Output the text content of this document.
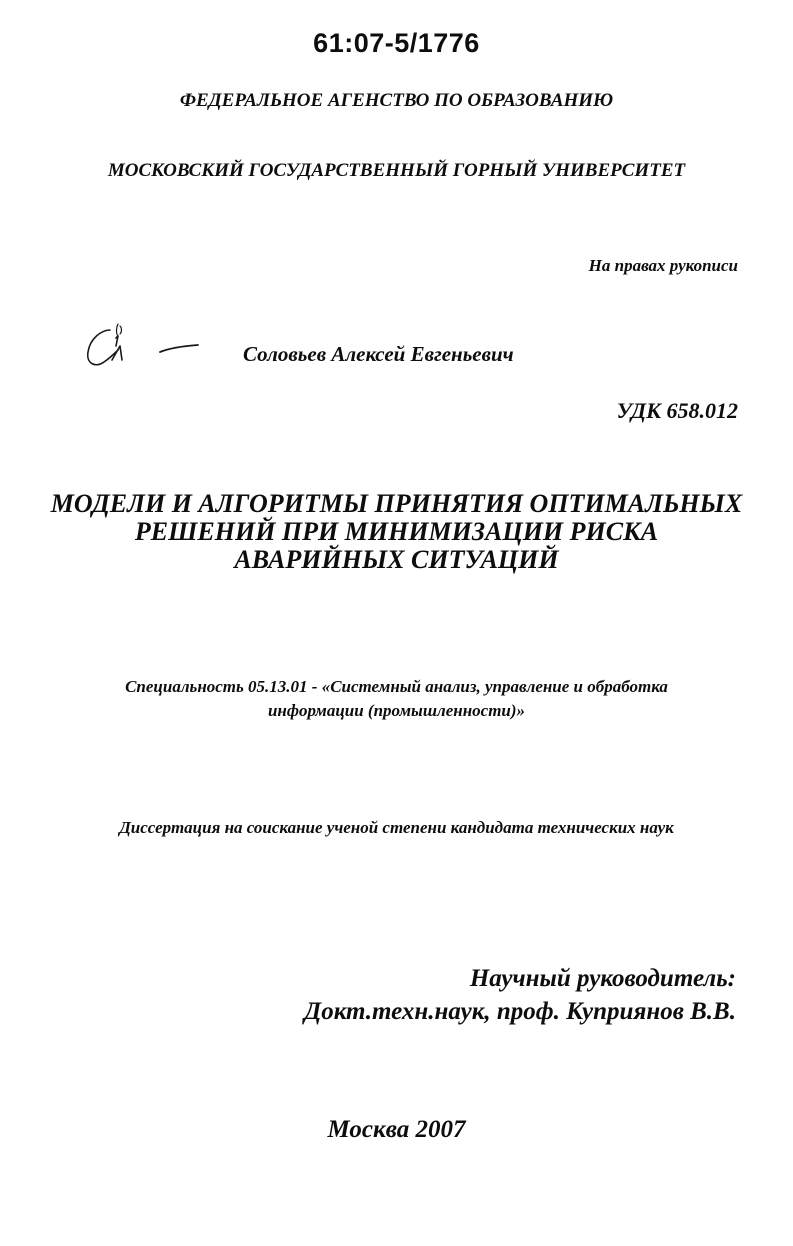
61:07-5/1776
ФЕДЕРАЛЬНОЕ АГЕНСТВО ПО ОБРАЗОВАНИЮ
МОСКОВСКИЙ ГОСУДАРСТВЕННЫЙ ГОРНЫЙ УНИВЕРСИТЕТ
На правах рукописи
Соловьев Алексей Евгеньевич
УДК 658.012
МОДЕЛИ И АЛГОРИТМЫ ПРИНЯТИЯ ОПТИМАЛЬНЫХ
РЕШЕНИЙ ПРИ МИНИМИЗАЦИИ РИСКА
АВАРИЙНЫХ СИТУАЦИЙ
Специальность 05.13.01 - «Системный анализ, управление и обработка
информации (промышленности)»
Диссертация на соискание ученой степени кандидата технических наук
Научный руководитель:
Докт.техн.наук, проф. Куприянов В.В.
Москва 2007
